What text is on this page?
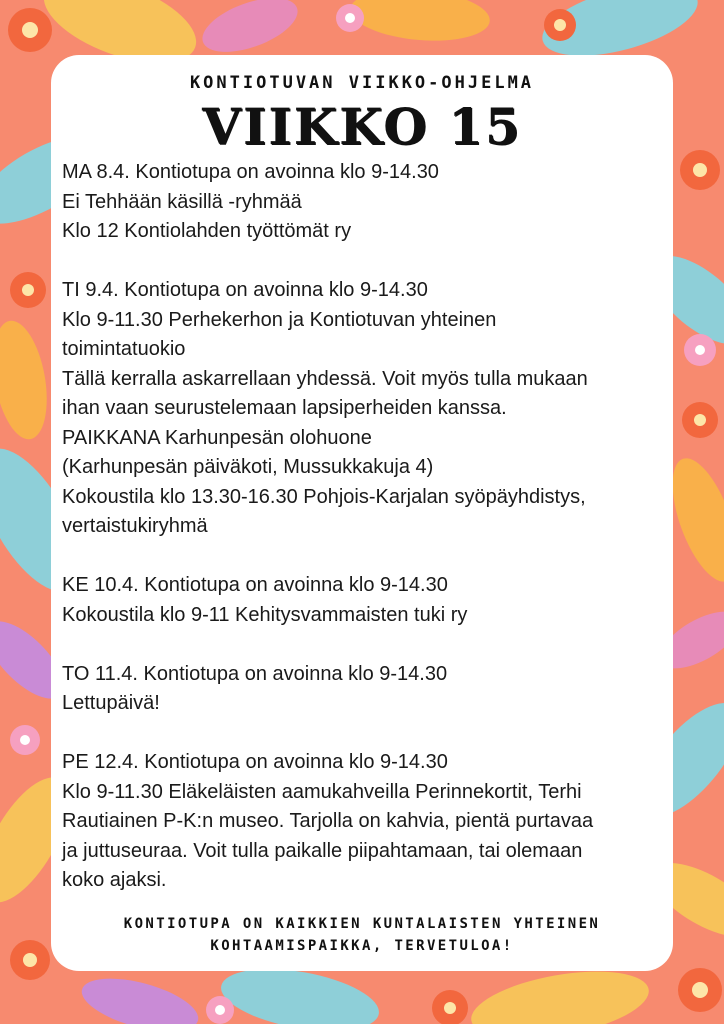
KONTIOTUVAN VIIKKO-OHJELMA
VIIKKO 15
MA 8.4. Kontiotupa on avoinna klo 9-14.30
Ei Tehhään käsillä -ryhmää
Klo 12 Kontiolahden työttömät ry
TI 9.4. Kontiotupa on avoinna klo 9-14.30
Klo 9-11.30 Perhekerhon ja Kontiotuvan yhteinen
toimintatuokio
Tällä kerralla askarrellaan yhdessä. Voit myös tulla mukaan
ihan vaan seurustelemaan lapsiperheiden kanssa.
PAIKKANA Karhunpesän olohuone
(Karhunpesän päiväkoti, Mussukkakuja 4)
Kokoustila klo 13.30-16.30 Pohjois-Karjalan syöpäyhdistys,
vertaistukiryhmä
KE 10.4. Kontiotupa on avoinna klo 9-14.30
Kokoustila klo 9-11 Kehitysvammaisten tuki ry
TO 11.4. Kontiotupa on avoinna klo 9-14.30
Lettupäivä!
PE 12.4. Kontiotupa on avoinna klo 9-14.30
Klo 9-11.30 Eläkeläisten aamukahveilla Perinnekortit, Terhi
Rautiainen P-K:n museo. Tarjolla on kahvia, pientä purtavaa
ja juttuseuraa. Voit tulla paikalle piipahtamaan, tai olemaan
koko ajaksi.
KONTIOTUPA ON KAIKKIEN KUNTALAISTEN YHTEINEN
KOHTAAMISPAIKKA, TERVETULOA!
